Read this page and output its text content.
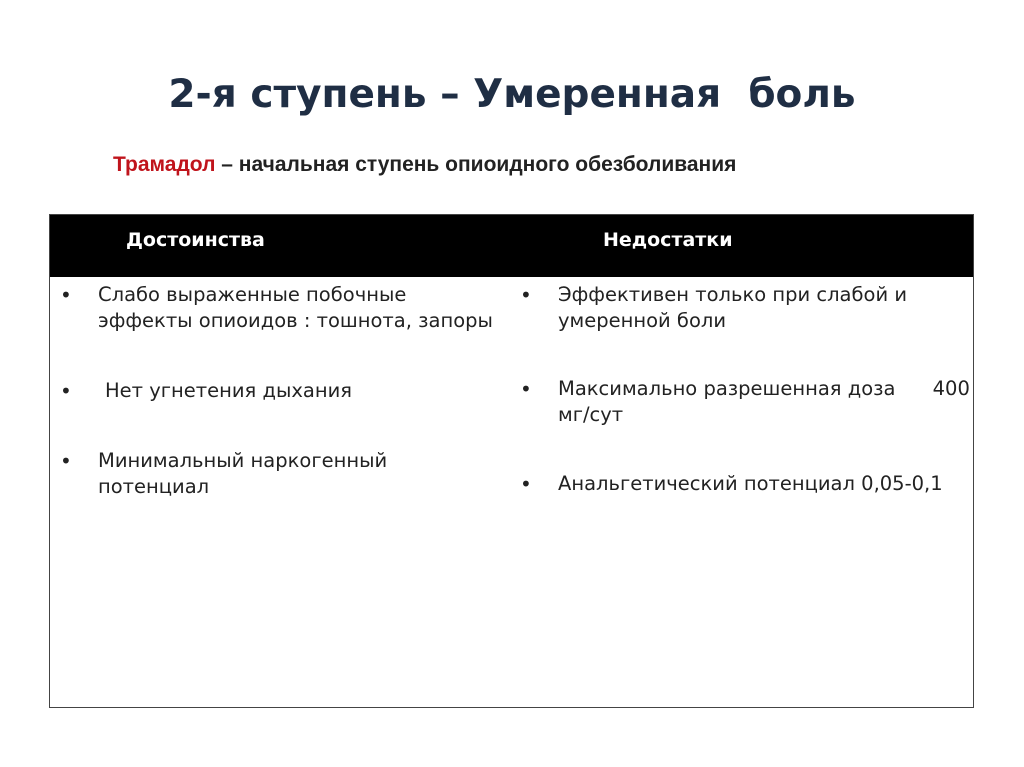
2-я ступень – Умеренная  боль
Трамадол – начальная ступень опиоидного обезболивания
Достоинства	Недостатки
• Слабо выраженные побочные эффекты опиоидов : тошнота, запоры
• Нет угнетения дыхания
• Минимальный наркогенный потенциал
• Эффективен только при слабой и умеренной боли
• Максимально разрешенная доза      400 мг/сут
• Анальгетический потенциал 0,05-0,1
